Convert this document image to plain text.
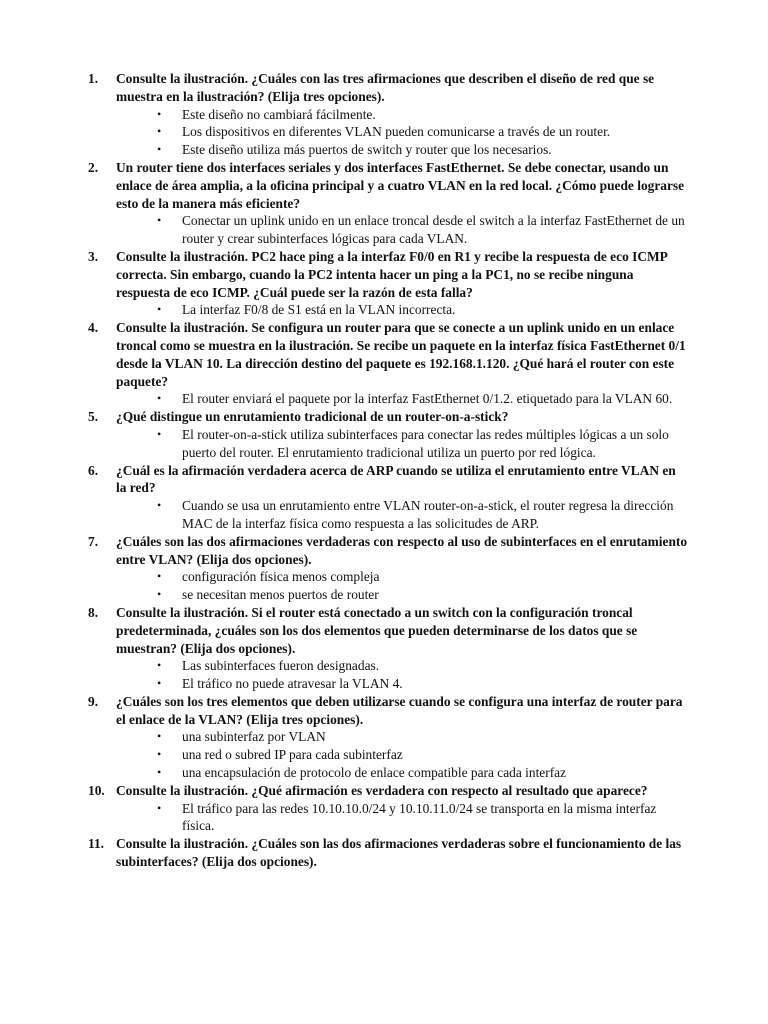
1.	Consulte la ilustración. ¿Cuáles con las tres afirmaciones que describen el diseño de red que se muestra en la ilustración? (Elija tres opciones).
• Este diseño no cambiará fácilmente.
• Los dispositivos en diferentes VLAN pueden comunicarse a través de un router.
• Este diseño utiliza más puertos de switch y router que los necesarios.
2.	Un router tiene dos interfaces seriales y dos interfaces FastEthernet. Se debe conectar, usando un enlace de área amplia, a la oficina principal y a cuatro VLAN en la red local. ¿Cómo puede lograrse esto de la manera más eficiente?
• Conectar un uplink unido en un enlace troncal desde el switch a la interfaz FastEthernet de un router y crear subinterfaces lógicas para cada VLAN.
3.	Consulte la ilustración. PC2 hace ping a la interfaz F0/0 en R1 y recibe la respuesta de eco ICMP correcta. Sin embargo, cuando la PC2 intenta hacer un ping a la PC1, no se recibe ninguna respuesta de eco ICMP. ¿Cuál puede ser la razón de esta falla?
• La interfaz F0/8 de S1 está en la VLAN incorrecta.
4.	Consulte la ilustración. Se configura un router para que se conecte a un uplink unido en un enlace troncal como se muestra en la ilustración. Se recibe un paquete en la interfaz física FastEthernet 0/1 desde la VLAN 10. La dirección destino del paquete es 192.168.1.120. ¿Qué hará el router con este paquete?
• El router enviará el paquete por la interfaz FastEthernet 0/1.2. etiquetado para la VLAN 60.
5.	¿Qué distingue un enrutamiento tradicional de un router-on-a-stick?
• El router-on-a-stick utiliza subinterfaces para conectar las redes múltiples lógicas a un solo puerto del router. El enrutamiento tradicional utiliza un puerto por red lógica.
6.	¿Cuál es la afirmación verdadera acerca de ARP cuando se utiliza el enrutamiento entre VLAN en la red?
• Cuando se usa un enrutamiento entre VLAN router-on-a-stick, el router regresa la dirección MAC de la interfaz física como respuesta a las solicitudes de ARP.
7.	¿Cuáles son las dos afirmaciones verdaderas con respecto al uso de subinterfaces en el enrutamiento entre VLAN? (Elija dos opciones).
• configuración física menos compleja
• se necesitan menos puertos de router
8.	Consulte la ilustración. Si el router está conectado a un switch con la configuración troncal predeterminada, ¿cuáles son los dos elementos que pueden determinarse de los datos que se muestran? (Elija dos opciones).
• Las subinterfaces fueron designadas.
• El tráfico no puede atravesar la VLAN 4.
9.	¿Cuáles son los tres elementos que deben utilizarse cuando se configura una interfaz de router para el enlace de la VLAN? (Elija tres opciones).
• una subinterfaz por VLAN
• una red o subred IP para cada subinterfaz
• una encapsulación de protocolo de enlace compatible para cada interfaz
10. Consulte la ilustración. ¿Qué afirmación es verdadera con respecto al resultado que aparece?
• El tráfico para las redes 10.10.10.0/24 y 10.10.11.0/24 se transporta en la misma interfaz física.
11. Consulte la ilustración. ¿Cuáles son las dos afirmaciones verdaderas sobre el funcionamiento de las subinterfaces? (Elija dos opciones).
